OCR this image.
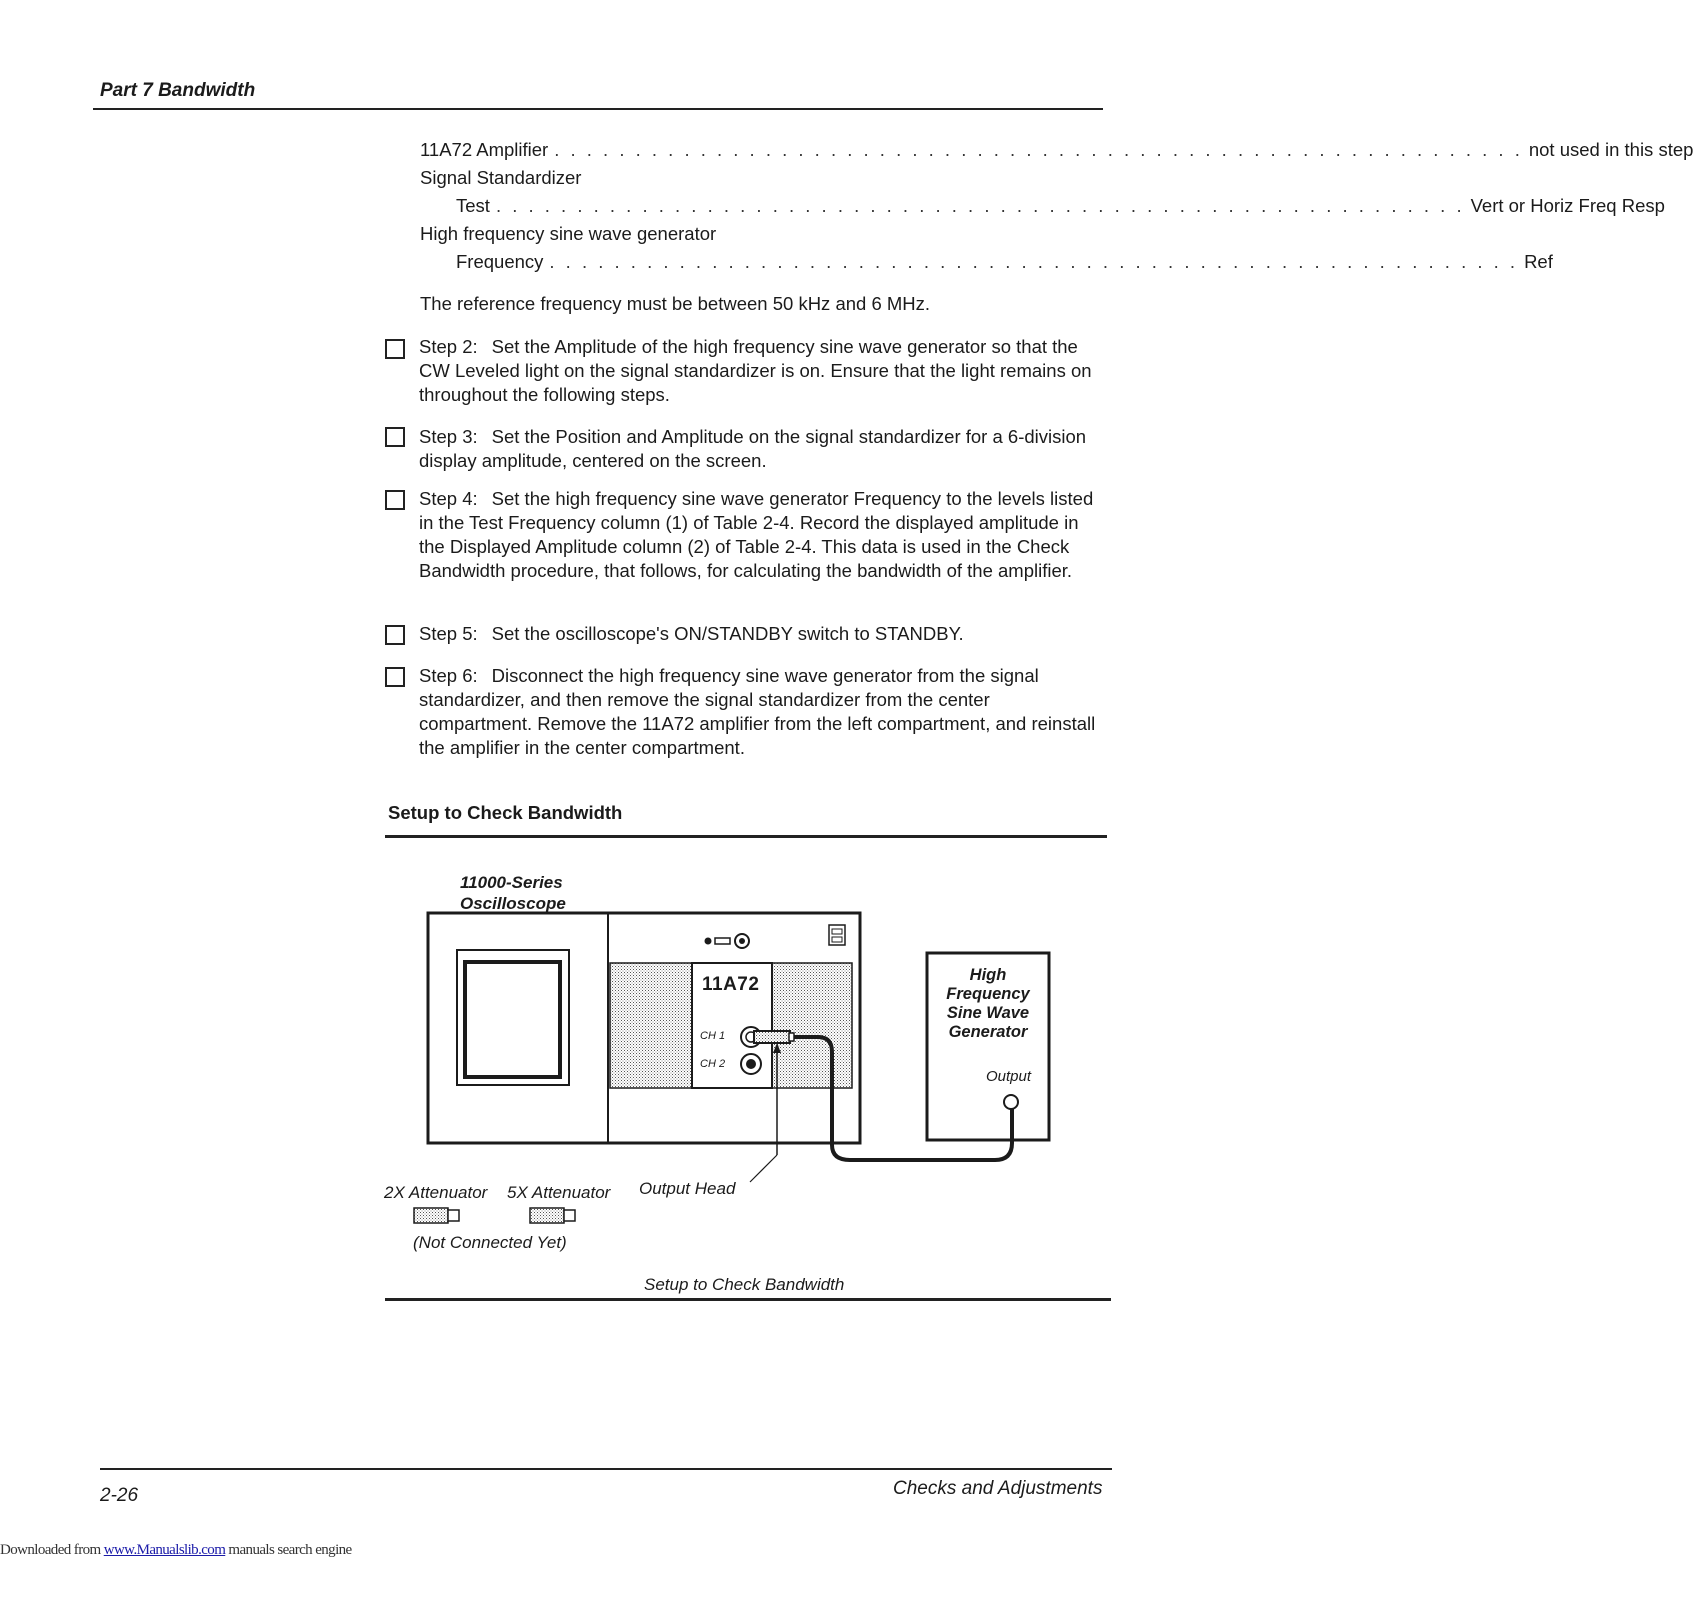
Part 7 Bandwidth
11A72 Amplifier . . . . . . . . . . . . . . . . . . . . . . . . . . . . . . . . . . . . . . . . . . . . . . . . . . . . . . . . . . . . not used in this step
Signal Standardizer
Test . . . . . . . . . . . . . . . . . . . . . . . . . . . . . . . . . . . . . . . . . . . . . . . . . . . . . . . . . . . . Vert or Horiz Freq Resp
High frequency sine wave generator
Frequency . . . . . . . . . . . . . . . . . . . . . . . . . . . . . . . . . . . . . . . . . . . . . . . . . . . . . . . . . . . . Ref
The reference frequency must be between 50 kHz and 6 MHz.
Step 2: Set the Amplitude of the high frequency sine wave generator so that the CW Leveled light on the signal standardizer is on. Ensure that the light remains on throughout the following steps.
Step 3: Set the Position and Amplitude on the signal standardizer for a 6-division display amplitude, centered on the screen.
Step 4: Set the high frequency sine wave generator Frequency to the levels listed in the Test Frequency column (1) of Table 2-4. Record the displayed amplitude in the Displayed Amplitude column (2) of Table 2-4. This data is used in the Check Bandwidth procedure, that follows, for calculating the bandwidth of the amplifier.
Step 5: Set the oscilloscope's ON/STANDBY switch to STANDBY.
Step 6: Disconnect the high frequency sine wave generator from the signal standardizer, and then remove the signal standardizer from the center compartment. Remove the 11A72 amplifier from the left compartment, and reinstall the amplifier in the center compartment.
Setup to Check Bandwidth
11000-Series
Oscilloscope
11A72
CH 1
CH 2
High
Frequency
Sine Wave
Generator
Output
2X Attenuator 5X Attenuator Output Head
(Not Connected Yet)
Setup to Check Bandwidth
2-26	Checks and Adjustments
Downloaded from www.Manualslib.com manuals search engine
